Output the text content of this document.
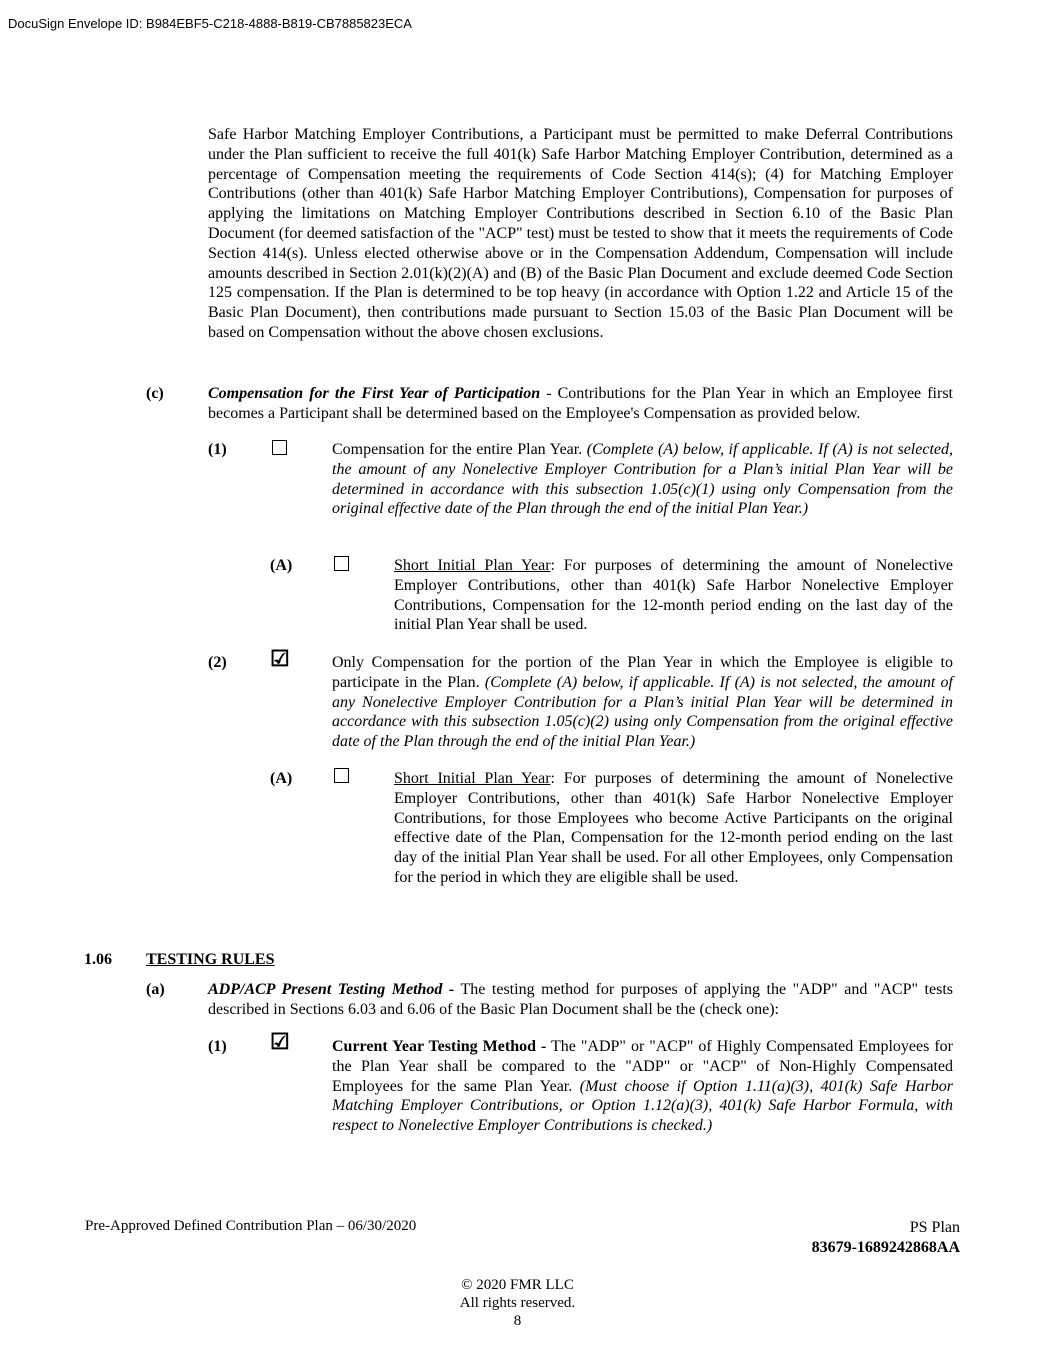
DocuSign Envelope ID: B984EBF5-C218-4888-B819-CB7885823ECA

Safe Harbor Matching Employer Contributions, a Participant must be permitted to make Deferral Contributions under the Plan sufficient to receive the full 401(k) Safe Harbor Matching Employer Contribution, determined as a percentage of Compensation meeting the requirements of Code Section 414(s); (4) for Matching Employer Contributions (other than 401(k) Safe Harbor Matching Employer Contributions), Compensation for purposes of applying the limitations on Matching Employer Contributions described in Section 6.10 of the Basic Plan Document (for deemed satisfaction of the "ACP" test) must be tested to show that it meets the requirements of Code Section 414(s). Unless elected otherwise above or in the Compensation Addendum, Compensation will include amounts described in Section 2.01(k)(2)(A) and (B) of the Basic Plan Document and exclude deemed Code Section 125 compensation. If the Plan is determined to be top heavy (in accordance with Option 1.22 and Article 15 of the Basic Plan Document), then contributions made pursuant to Section 15.03 of the Basic Plan Document will be based on Compensation without the above chosen exclusions.

(c)	Compensation for the First Year of Participation - Contributions for the Plan Year in which an Employee first becomes a Participant shall be determined based on the Employee's Compensation as provided below.

(1)	Compensation for the entire Plan Year. (Complete (A) below, if applicable. If (A) is not selected, the amount of any Nonelective Employer Contribution for a Plan’s initial Plan Year will be determined in accordance with this subsection 1.05(c)(1) using only Compensation from the original effective date of the Plan through the end of the initial Plan Year.)

(A)	Short Initial Plan Year: For purposes of determining the amount of Nonelective Employer Contributions, other than 401(k) Safe Harbor Nonelective Employer Contributions, Compensation for the 12-month period ending on the last day of the initial Plan Year shall be used.

(2) ☑	Only Compensation for the portion of the Plan Year in which the Employee is eligible to participate in the Plan. (Complete (A) below, if applicable. If (A) is not selected, the amount of any Nonelective Employer Contribution for a Plan’s initial Plan Year will be determined in accordance with this subsection 1.05(c)(2) using only Compensation from the original effective date of the Plan through the end of the initial Plan Year.)

(A)	Short Initial Plan Year: For purposes of determining the amount of Nonelective Employer Contributions, other than 401(k) Safe Harbor Nonelective Employer Contributions, for those Employees who become Active Participants on the original effective date of the Plan, Compensation for the 12-month period ending on the last day of the initial Plan Year shall be used. For all other Employees, only Compensation for the period in which they are eligible shall be used.

1.06 TESTING RULES
(a)	ADP/ACP Present Testing Method - The testing method for purposes of applying the "ADP" and "ACP" tests described in Sections 6.03 and 6.06 of the Basic Plan Document shall be the (check one):

(1) ☑	Current Year Testing Method - The "ADP" or "ACP" of Highly Compensated Employees for the Plan Year shall be compared to the "ADP" or "ACP" of Non-Highly Compensated Employees for the same Plan Year. (Must choose if Option 1.11(a)(3), 401(k) Safe Harbor Matching Employer Contributions, or Option 1.12(a)(3), 401(k) Safe Harbor Formula, with respect to Nonelective Employer Contributions is checked.)

Pre-Approved Defined Contribution Plan – 06/30/2020	PS Plan
83679-1689242868AA
© 2020 FMR LLC
All rights reserved.
8
